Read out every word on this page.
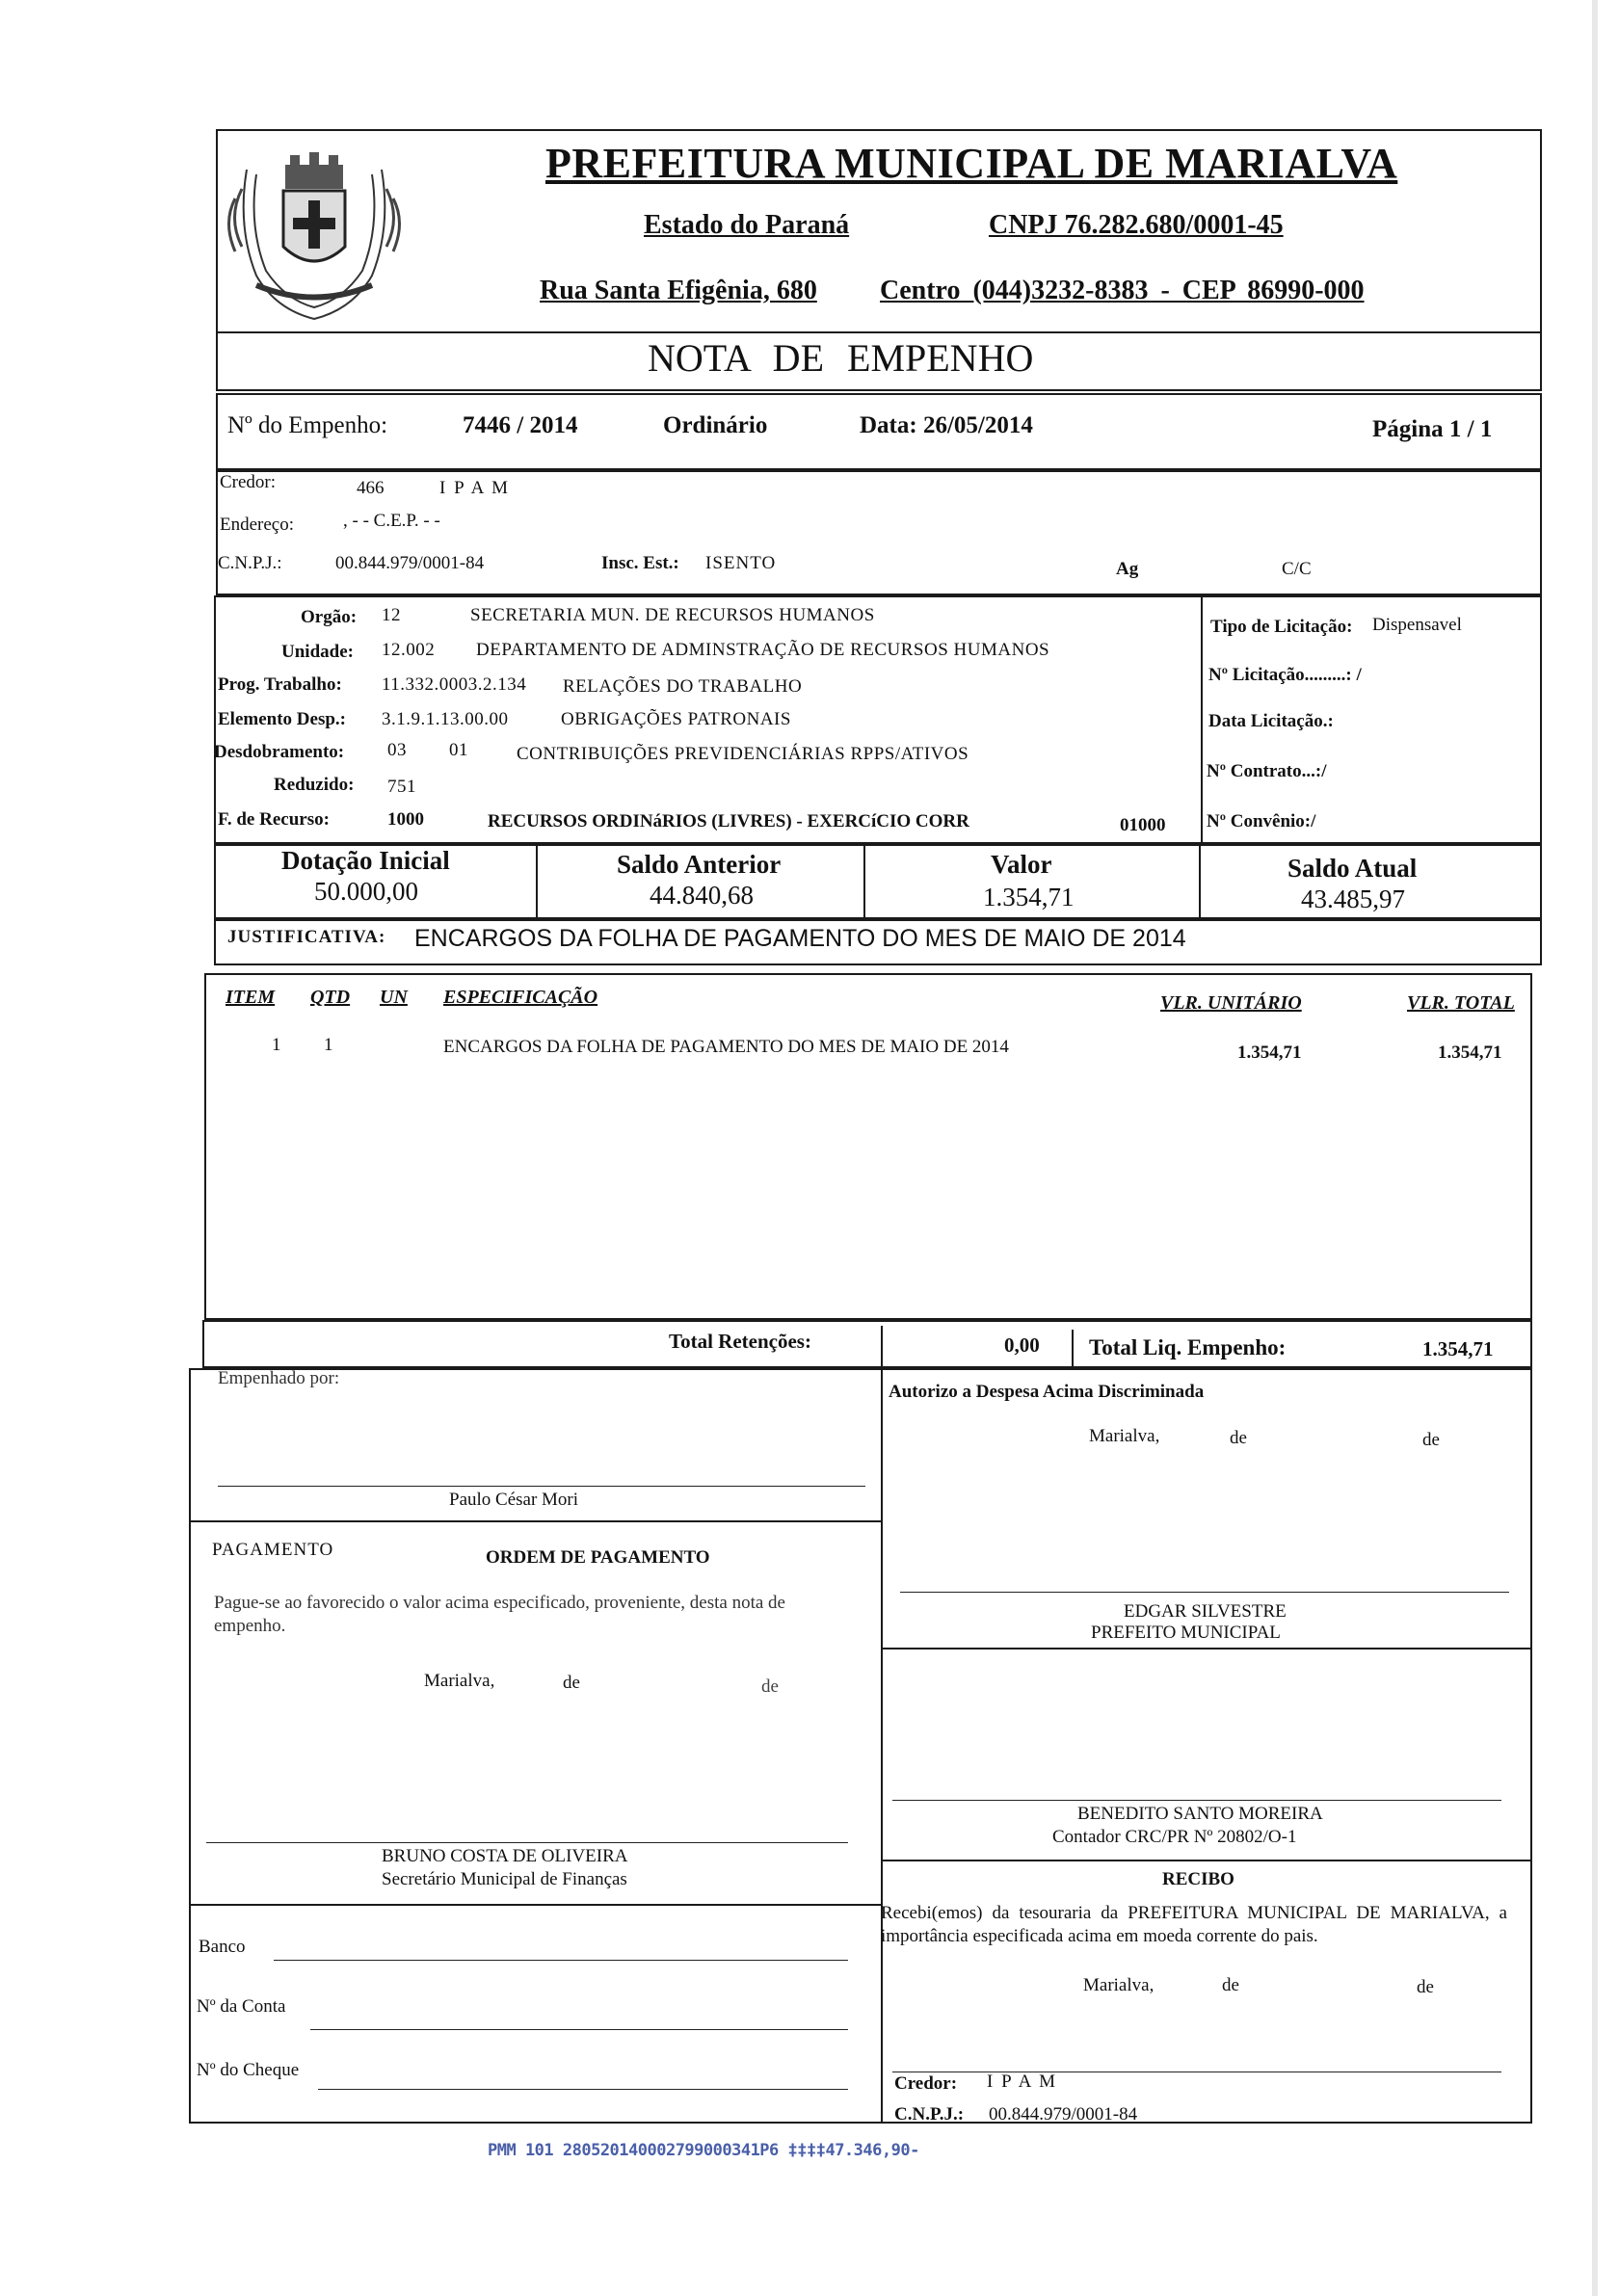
PREFEITURA MUNICIPAL DE MARIALVA
Estado do Paraná	CNPJ 76.282.680/0001-45
Rua Santa Efigênia, 680 Centro (044)3232-8383 - CEP 86990-000
NOTA DE EMPENHO
Nº do Empenho:	7446 / 2014	Ordinário	Data: 26/05/2014	Página 1 / 1
Credor:	466	I P A M
Endereço:	, - - C.E.P. - -
C.N.P.J.:	00.844.979/0001-84	Insc. Est.: ISENTO	Ag	C/C
Orgão: 12	SECRETARIA MUN. DE RECURSOS HUMANOS
Unidade: 12.002 DEPARTAMENTO DE ADMINSTRAÇÃO DE RECURSOS HUMANOS
Prog. Trabalho: 11.332.0003.2.134 RELAÇÕES DO TRABALHO
Elemento Desp.: 3.1.9.1.13.00.00	OBRIGAÇÕES PATRONAIS
Desdobramento: 03 01	CONTRIBUIÇÕES PREVIDENCIÁRIAS RPPS/ATIVOS
Reduzido: 751
F. de Recurso:	1000	RECURSOS ORDINáRIOS (LIVRES) - EXERCíCIO CORR	01000
Tipo de Licitação: Dispensavel
Nº Licitação.........: /
Data Licitação.:
Nº Contrato...:/
Nº Convênio:/
Dotação Inicial
50.000,00
Saldo Anterior
44.840,68
Valor
1.354,71
Saldo Atual
43.485,97
JUSTIFICATIVA: ENCARGOS DA FOLHA DE PAGAMENTO DO MES DE MAIO DE 2014
ITEM QTD UN ESPECIFICAÇÃO	VLR. UNITÁRIO	VLR. TOTAL
1 1	ENCARGOS DA FOLHA DE PAGAMENTO DO MES DE MAIO DE 2014	1.354,71	1.354,71
Total Retenções:	0,00 Total Liq. Empenho:	1.354,71
Empenhado por:
Paulo César Mori
Autorizo a Despesa Acima Discriminada
Marialva,	de	de
EDGAR SILVESTRE
PREFEITO MUNICIPAL
PAGAMENTO	ORDEM DE PAGAMENTO
Pague-se ao favorecido o valor acima especificado, proveniente, desta nota de empenho.
Marialva,	de	de
BRUNO COSTA DE OLIVEIRA
Secretário Municipal de Finanças
BENEDITO SANTO MOREIRA
Contador CRC/PR Nº 20802/O-1
Banco
Nº da Conta
Nº do Cheque
RECIBO
Recebi(emos) da tesouraria da PREFEITURA MUNICIPAL DE MARIALVA, a importância especificada acima em moeda corrente do pais.
Marialva,	de	de
Credor: I P A M
C.N.P.J.: 00.844.979/0001-84
PMM 101 280520140002799000341P6 ‡‡‡‡47.346,90-
